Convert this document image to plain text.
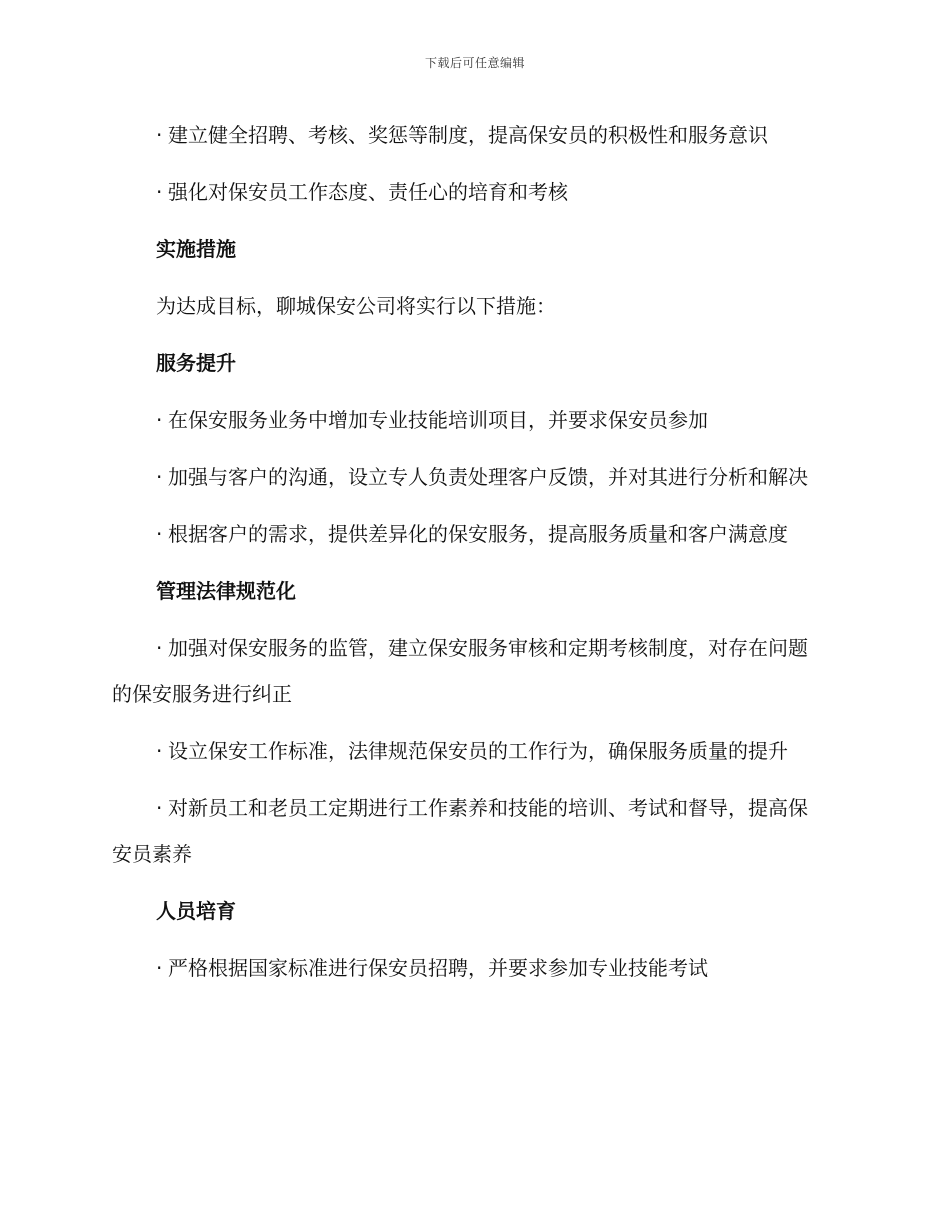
下载后可任意编辑

· 建立健全招聘、考核、奖惩等制度，提高保安员的积极性和服务意识

· 强化对保安员工作态度、责任心的培育和考核

实施措施

为达成目标，聊城保安公司将实行以下措施：

服务提升

· 在保安服务业务中增加专业技能培训项目，并要求保安员参加

· 加强与客户的沟通，设立专人负责处理客户反馈，并对其进行分析和解决

· 根据客户的需求，提供差异化的保安服务，提高服务质量和客户满意度

管理法律规范化

· 加强对保安服务的监管，建立保安服务审核和定期考核制度，对存在问题的保安服务进行纠正

· 设立保安工作标准，法律规范保安员的工作行为，确保服务质量的提升

· 对新员工和老员工定期进行工作素养和技能的培训、考试和督导，提高保安员素养

人员培育

· 严格根据国家标准进行保安员招聘，并要求参加专业技能考试
